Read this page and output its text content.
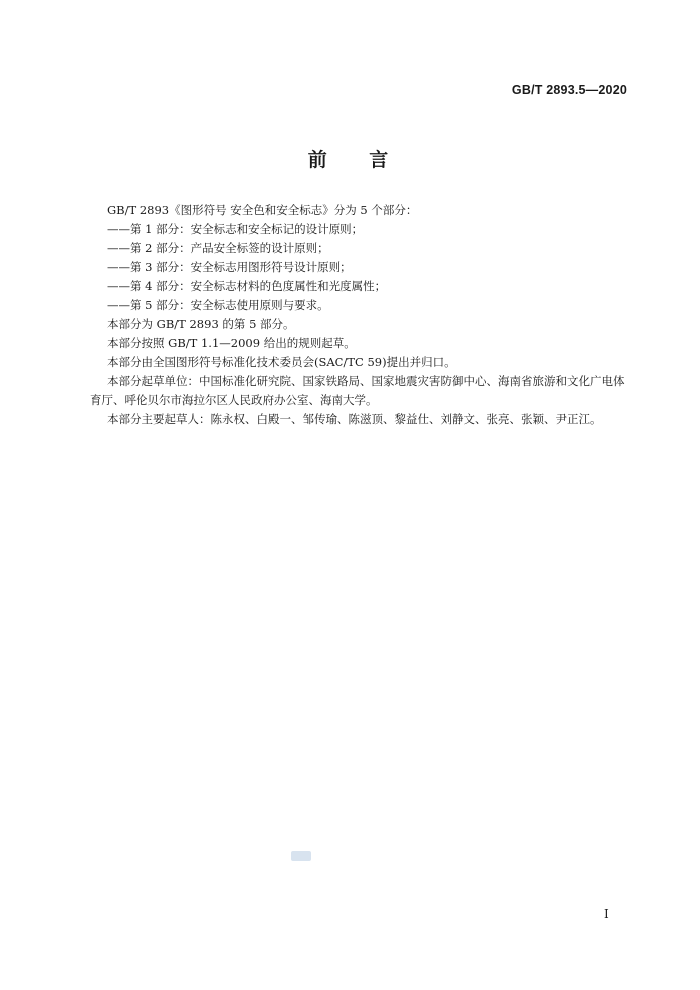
GB/T 2893.5—2020
前 言

GB/T 2893《图形符号 安全色和安全标志》分为 5 个部分：

——第 1 部分：安全标志和安全标记的设计原则；

——第 2 部分：产品安全标签的设计原则；

——第 3 部分：安全标志用图形符号设计原则；

——第 4 部分：安全标志材料的色度属性和光度属性；

——第 5 部分：安全标志使用原则与要求。

本部分为 GB/T 2893 的第 5 部分。

本部分按照 GB/T 1.1—2009 给出的规则起草。

本部分由全国图形符号标准化技术委员会(SAC/TC 59)提出并归口。

本部分起草单位：中国标准化研究院、国家铁路局、国家地震灾害防御中心、海南省旅游和文化广电体育厅、呼伦贝尔市海拉尔区人民政府办公室、海南大学。

本部分主要起草人：陈永权、白殿一、邹传瑜、陈滋顶、黎益仕、刘静文、张亮、张颖、尹正江。

I
